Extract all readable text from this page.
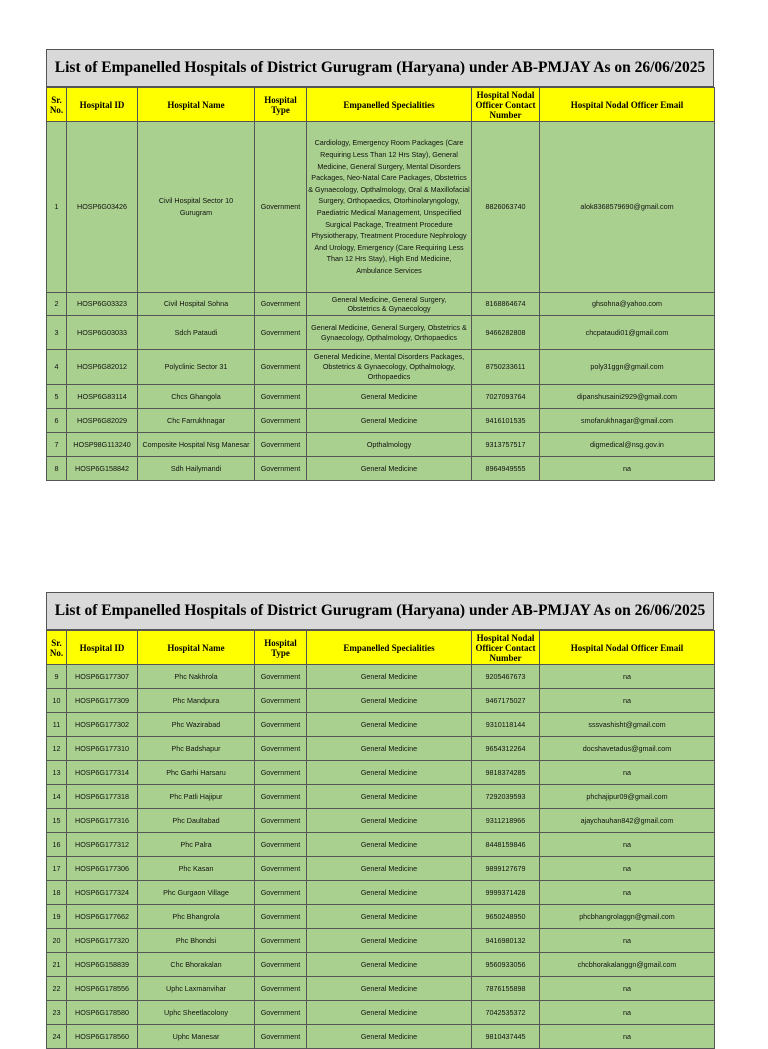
List of Empanelled Hospitals of District Gurugram (Haryana) under AB-PMJAY As on 26/06/2025
Sr. No.	Hospital ID	Hospital Name	Hospital Type	Empanelled Specialities	Hospital Nodal Officer Contact Number	Hospital Nodal Officer Email
1	HOSP6G03426	Civil Hospital Sector 10 Gurugram	Government	Cardiology, Emergency Room Packages (Care Requiring Less Than 12 Hrs Stay), General Medicine, General Surgery, Mental Disorders Packages, Neo-Natal Care Packages, Obstetrics & Gynaecology, Opthalmology, Oral & Maxillofacial Surgery, Orthopaedics, Otorhinolaryngology, Paediatric Medical Management, Unspecified Surgical Package, Treatment Procedure Physiotherapy, Treatment Procedure Nephrology And Urology, Emergency (Care Requiring Less Than 12 Hrs Stay), High End Medicine, Ambulance Services	8826063740	alok8368579690@gmail.com
2	HOSP6G03323	Civil Hospital Sohna	Government	General Medicine, General Surgery, Obstetrics & Gynaecology	8168864674	ghsohna@yahoo.com
3	HOSP6G03033	Sdch Pataudi	Government	General Medicine, General Surgery, Obstetrics & Gynaecology, Opthalmology, Orthopaedics	9466282808	chcpataudi01@gmail.com
4	HOSP6G82012	Polyclinic Sector 31	Government	General Medicine, Mental Disorders Packages, Obstetrics & Gynaecology, Opthalmology, Orthopaedics	8750233611	poly31ggn@gmail.com
5	HOSP6G83114	Chcs Ghangola	Government	General Medicine	7027093764	dipanshusaini2929@gmail.com
6	HOSP6G82029	Chc Farrukhnagar	Government	General Medicine	9416101535	smofarukhnagar@gmail.com
7	HOSP98G113240	Composite Hospital Nsg Manesar	Government	Opthalmology	9313757517	digmedical@nsg.gov.in
8	HOSP6G158842	Sdh Hailymandi	Government	General Medicine	8964949555	na
List of Empanelled Hospitals of District Gurugram (Haryana) under AB-PMJAY As on 26/06/2025
Sr. No.	Hospital ID	Hospital Name	Hospital Type	Empanelled Specialities	Hospital Nodal Officer Contact Number	Hospital Nodal Officer Email
9	HOSP6G177307	Phc Nakhrola	Government	General Medicine	9205467673	na
10	HOSP6G177309	Phc Mandpura	Government	General Medicine	9467175027	na
11	HOSP6G177302	Phc Wazirabad	Government	General Medicine	9310118144	sssvashisht@gmail.com
12	HOSP6G177310	Phc Badshapur	Government	General Medicine	9654312264	docshavetadus@gmail.com
13	HOSP6G177314	Phc Garhi Harsaru	Government	General Medicine	9818374285	na
14	HOSP6G177318	Phc Patli Hajipur	Government	General Medicine	7292039593	phchajipur09@gmail.com
15	HOSP6G177316	Phc Daultabad	Government	General Medicine	9311218966	ajaychauhan842@gmail.com
16	HOSP6G177312	Phc Palra	Government	General Medicine	8448159846	na
17	HOSP6G177306	Phc Kasan	Government	General Medicine	9899127679	na
18	HOSP6G177324	Phc Gurgaon Village	Government	General Medicine	9999371428	na
19	HOSP6G177662	Phc Bhangrola	Government	General Medicine	9650248950	phcbhangrolaggn@gmail.com
20	HOSP6G177320	Phc Bhondsi	Government	General Medicine	9416980132	na
21	HOSP6G158839	Chc Bhorakalan	Government	General Medicine	9560933056	chcbhorakalanggn@gmail.com
22	HOSP6G178556	Uphc Laxmanvihar	Government	General Medicine	7876155898	na
23	HOSP6G178580	Uphc Sheetlacolony	Government	General Medicine	7042535372	na
24	HOSP6G178560	Uphc Manesar	Government	General Medicine	9810437445	na
